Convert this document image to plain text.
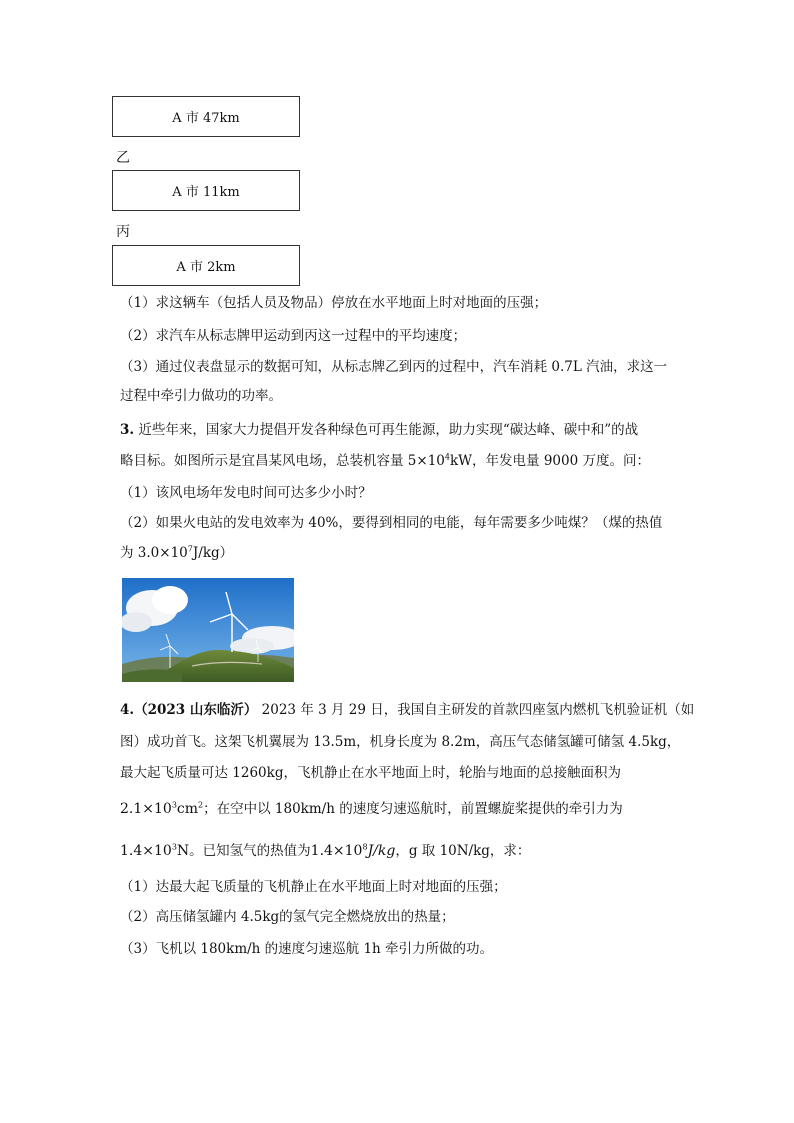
A 市 47km
乙
A 市 11km
丙
A 市 2km
（1）求这辆车（包括人员及物品）停放在水平地面上时对地面的压强；
（2）求汽车从标志牌甲运动到丙这一过程中的平均速度；
（3）通过仪表盘显示的数据可知，从标志牌乙到丙的过程中，汽车消耗 0.7L 汽油，求这一
过程中牵引力做功的功率。
3. 近些年来，国家大力提倡开发各种绿色可再生能源，助力实现“碳达峰、碳中和”的战
略目标。如图所示是宜昌某风电场，总装机容量 $5\times 10^4kW$，年发电量 9000 万度。问：
（1）该风电场年发电时间可达多少小时？
（2）如果火电站的发电效率为 40%，要得到相同的电能，每年需要多少吨煤？（煤的热值
为 $3.0\times 10^7J/kg$）
4.（2023 山东临沂） 2023 年 3 月 29 日，我国自主研发的首款四座氢内燃机飞机验证机（如
图）成功首飞。这架飞机翼展为 13.5m，机身长度为 8.2m，高压气态储氢罐可储氢 4.5kg，
最大起飞质量可达 1260kg，飞机静止在水平地面上时，轮胎与地面的总接触面积为
$2.1\times 10^3cm^2$；在空中以 180km/h 的速度匀速巡航时，前置螺旋桨提供的牵引力为
$1.4\times 10^3N$。已知氢气的热值为$1.4\times 10^8J/kg$，g 取 10N/kg，求：
（1）达最大起飞质量的飞机静止在水平地面上时对地面的压强；
（2）高压储氢罐内 4.5kg的氢气完全燃烧放出的热量；
（3）飞机以 180km/h 的速度匀速巡航 1h 牵引力所做的功。
